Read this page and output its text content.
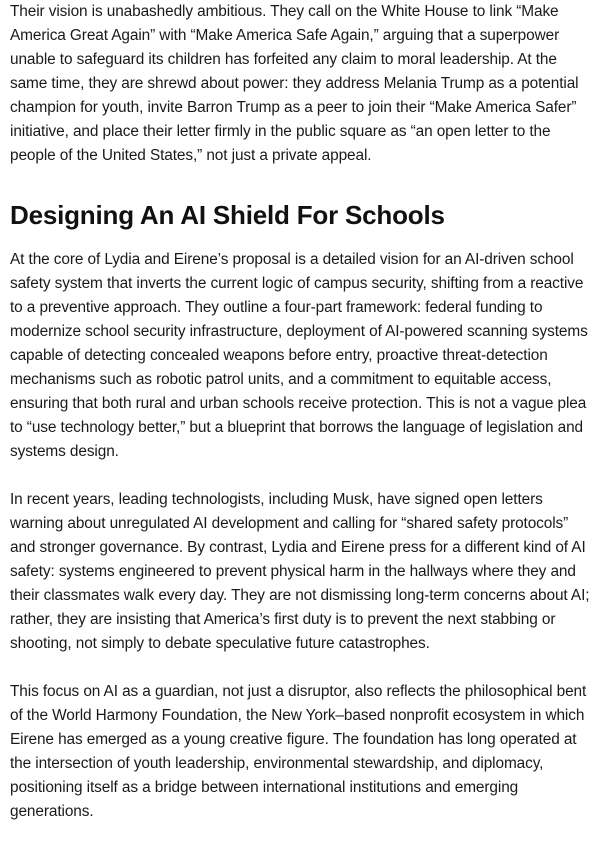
Their vision is unabashedly ambitious. They call on the White House to link “Make America Great Again” with “Make America Safe Again,” arguing that a superpower unable to safeguard its children has forfeited any claim to moral leadership. At the same time, they are shrewd about power: they address Melania Trump as a potential champion for youth, invite Barron Trump as a peer to join their “Make America Safer” initiative, and place their letter firmly in the public square as “an open letter to the people of the United States,” not just a private appeal.

Designing An AI Shield For Schools

At the core of Lydia and Eirene’s proposal is a detailed vision for an AI-driven school safety system that inverts the current logic of campus security, shifting from a reactive to a preventive approach. They outline a four-part framework: federal funding to modernize school security infrastructure, deployment of AI-powered scanning systems capable of detecting concealed weapons before entry, proactive threat-detection mechanisms such as robotic patrol units, and a commitment to equitable access, ensuring that both rural and urban schools receive protection. This is not a vague plea to “use technology better,” but a blueprint that borrows the language of legislation and systems design.

In recent years, leading technologists, including Musk, have signed open letters warning about unregulated AI development and calling for “shared safety protocols” and stronger governance. By contrast, Lydia and Eirene press for a different kind of AI safety: systems engineered to prevent physical harm in the hallways where they and their classmates walk every day. They are not dismissing long-term concerns about AI; rather, they are insisting that America’s first duty is to prevent the next stabbing or shooting, not simply to debate speculative future catastrophes.

This focus on AI as a guardian, not just a disruptor, also reflects the philosophical bent of the World Harmony Foundation, the New York–based nonprofit ecosystem in which Eirene has emerged as a young creative figure. The foundation has long operated at the intersection of youth leadership, environmental stewardship, and diplomacy, positioning itself as a bridge between international institutions and emerging generations.
